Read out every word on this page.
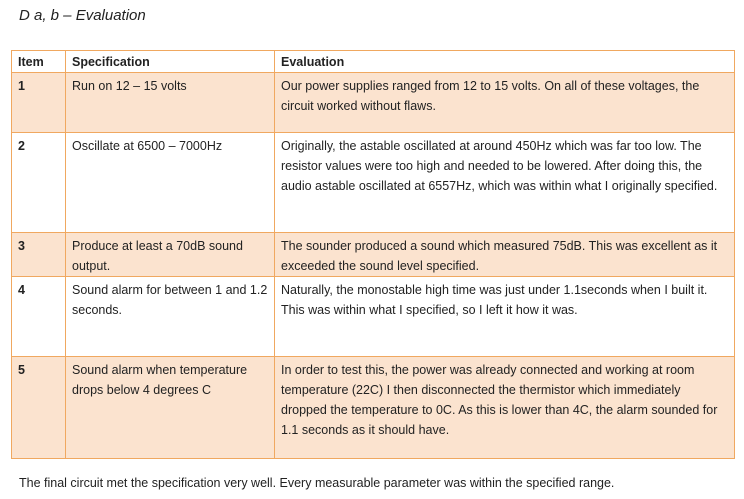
D a, b – Evaluation
Item	Specification	Evaluation
1	Run on 12 – 15 volts	Our power supplies ranged from 12 to 15 volts. On all of these voltages, the circuit worked without flaws.
2	Oscillate at 6500 – 7000Hz	Originally, the astable oscillated at around 450Hz which was far too low. The resistor values were too high and needed to be lowered. After doing this, the audio astable oscillated at 6557Hz, which was within what I originally specified.
3	Produce at least a 70dB sound output.	The sounder produced a sound which measured 75dB. This was excellent as it exceeded the sound level specified.
4	Sound alarm for between 1 and 1.2 seconds.	Naturally, the monostable high time was just under 1.1seconds when I built it. This was within what I specified, so I left it how it was.
5	Sound alarm when temperature drops below 4 degrees C	In order to test this, the power was already connected and working at room temperature (22C) I then disconnected the thermistor which immediately dropped the temperature to 0C. As this is lower than 4C, the alarm sounded for 1.1 seconds as it should have.
The final circuit met the specification very well. Every measurable parameter was within the specified range.
